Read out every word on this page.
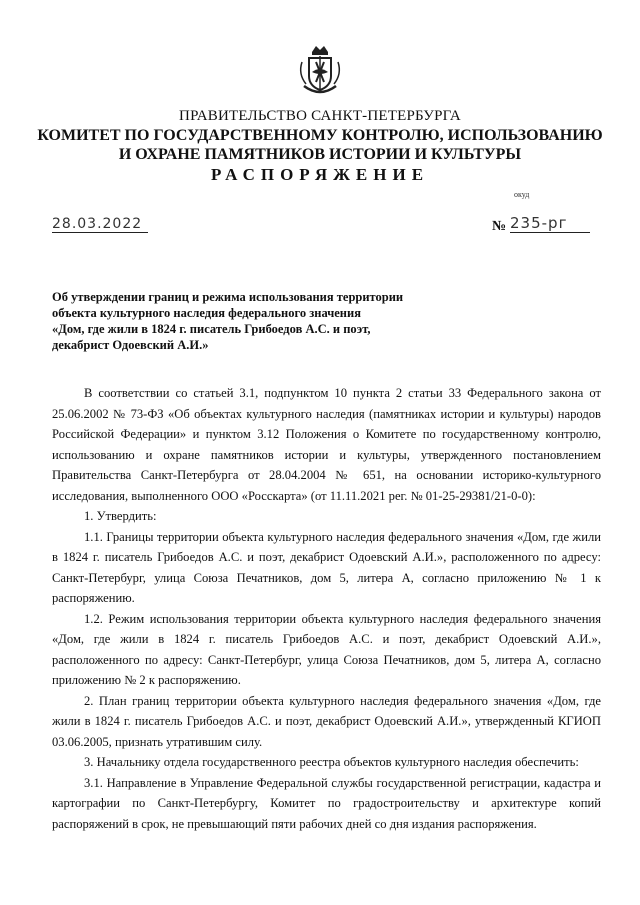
ПРАВИТЕЛЬСТВО САНКТ-ПЕТЕРБУРГА
КОМИТЕТ ПО ГОСУДАРСТВЕННОМУ КОНТРОЛЮ, ИСПОЛЬЗОВАНИЮ
И ОХРАНЕ ПАМЯТНИКОВ ИСТОРИИ И КУЛЬТУРЫ
РАСПОРЯЖЕНИЕ
окуд
28.03.2022	№ 235-рг
Об утверждении границ и режима использования территории
объекта культурного наследия федерального значения
«Дом, где жили в 1824 г. писатель Грибоедов А.С. и поэт,
декабрист Одоевский А.И.»

В соответствии со статьей 3.1, подпунктом 10 пункта 2 статьи 33 Федерального закона от 25.06.2002 № 73-ФЗ «Об объектах культурного наследия (памятниках истории и культуры) народов Российской Федерации» и пунктом 3.12 Положения о Комитете по государственному контролю, использованию и охране памятников истории и культуры, утвержденного постановлением Правительства Санкт-Петербурга от 28.04.2004 № 651, на основании историко-культурного исследования, выполненного ООО «Росскарта» (от 11.11.2021 рег. № 01-25-29381/21-0-0):

1. Утвердить:

1.1. Границы территории объекта культурного наследия федерального значения «Дом, где жили в 1824 г. писатель Грибоедов А.С. и поэт, декабрист Одоевский А.И.», расположенного по адресу: Санкт-Петербург, улица Союза Печатников, дом 5, литера А, согласно приложению № 1 к распоряжению.

1.2. Режим использования территории объекта культурного наследия федерального значения «Дом, где жили в 1824 г. писатель Грибоедов А.С. и поэт, декабрист Одоевский А.И.», расположенного по адресу: Санкт-Петербург, улица Союза Печатников, дом 5, литера А, согласно приложению № 2 к распоряжению.

2. План границ территории объекта культурного наследия федерального значения «Дом, где жили в 1824 г. писатель Грибоедов А.С. и поэт, декабрист Одоевский А.И.», утвержденный КГИОП 03.06.2005, признать утратившим силу.

3. Начальнику отдела государственного реестра объектов культурного наследия обеспечить:

3.1. Направление в Управление Федеральной службы государственной регистрации, кадастра и картографии по Санкт-Петербургу, Комитет по градостроительству и архитектуре копий распоряжений в срок, не превышающий пяти рабочих дней со дня издания распоряжения.
